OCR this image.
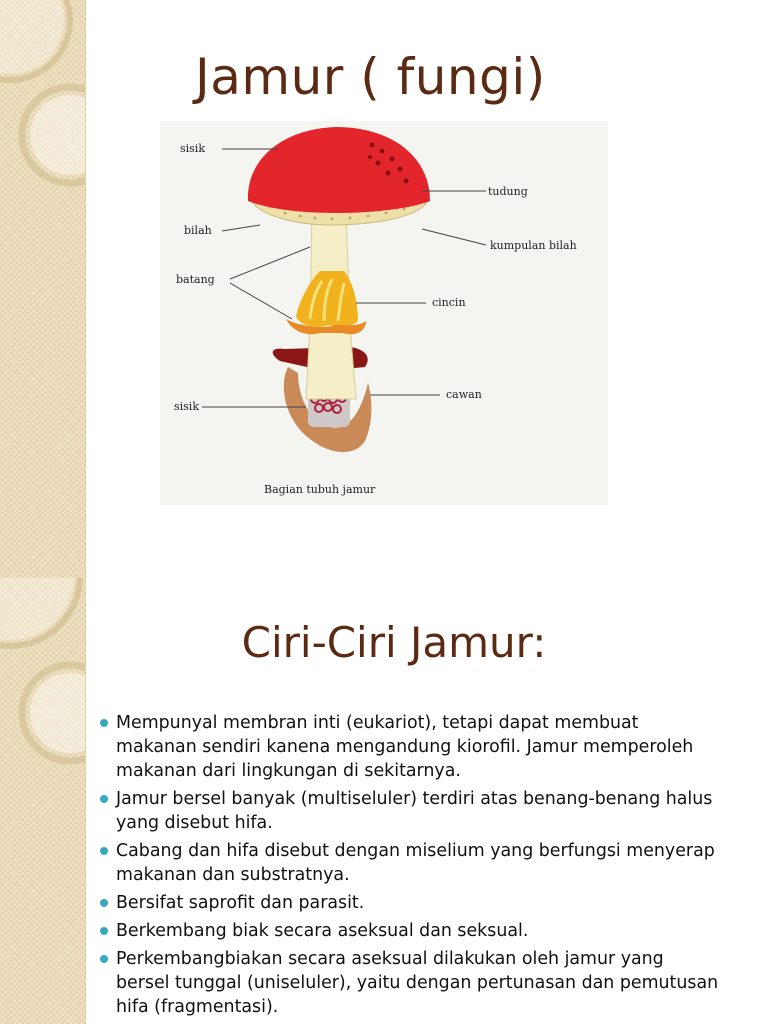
Jamur ( fungi)
sisik
tudung
bilah
kumpulan bilah
batang
cincin
sisik
cawan
Bagian tubuh jamur
Ciri-Ciri Jamur:
Mempunyal membran inti (eukariot), tetapi dapat membuat makanan sendiri kanena mengandung kiorofil. Jamur memperoleh makanan dari lingkungan di sekitarnya.
Jamur bersel banyak (multiseluler) terdiri atas benang-benang halus yang disebut hifa.
Cabang dan hifa disebut dengan miselium yang berfungsi menyerap makanan dan substratnya.
Bersifat saprofit dan parasit.
Berkembang biak secara aseksual dan seksual.
Perkembangbiakan secara aseksual dilakukan oleh jamur yang bersel tunggal (uniseluler), yaitu dengan pertunasan dan pemutusan hifa (fragmentasi).
